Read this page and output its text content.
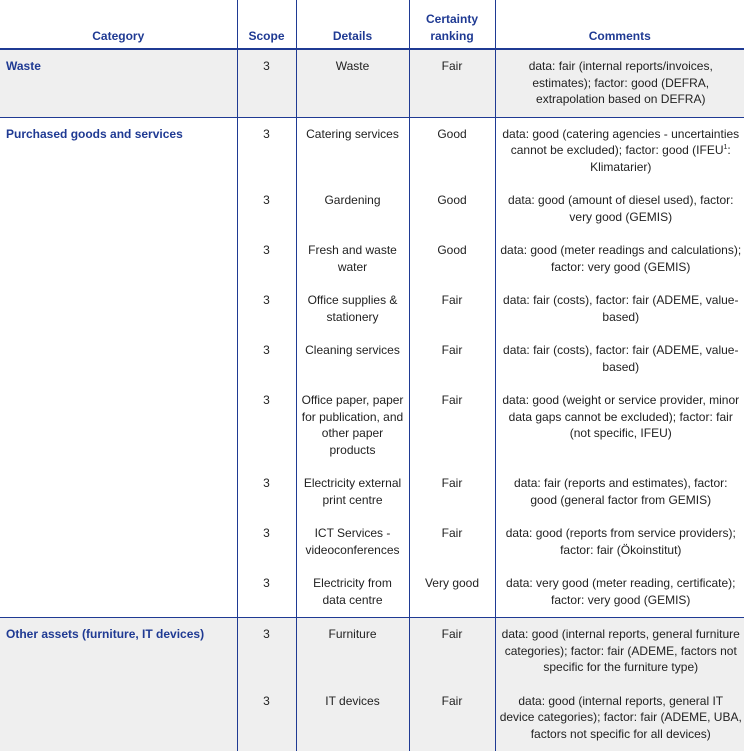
Category	Scope	Details	Certainty ranking	Comments
Waste	3	Waste	Fair	data: fair (internal reports/invoices, estimates); factor: good (DEFRA, extrapolation based on DEFRA)
Purchased goods and services	3	Catering services	Good	data: good (catering agencies - uncertainties cannot be excluded); factor: good (IFEU$^1$: Klimatarier)
	3	Gardening	Good	data: good (amount of diesel used), factor: very good (GEMIS)
	3	Fresh and waste water	Good	data: good (meter readings and calculations); factor: very good (GEMIS)
	3	Office supplies & stationery	Fair	data: fair (costs), factor: fair (ADEME, value-based)
	3	Cleaning services	Fair	data: fair (costs), factor: fair (ADEME, value-based)
	3	Office paper, paper for publication, and other paper products	Fair	data: good (weight or service provider, minor data gaps cannot be excluded); factor: fair (not specific, IFEU)
	3	Electricity external print centre	Fair	data: fair (reports and estimates), factor: good (general factor from GEMIS)
	3	ICT Services - videoconferences	Fair	data: good (reports from service providers); factor: fair (Ökoinstitut)
	3	Electricity from data centre	Very good	data: very good (meter reading, certificate); factor: very good (GEMIS)
Other assets (furniture, IT devices)	3	Furniture	Fair	data: good (internal reports, general furniture categories); factor: fair (ADEME, factors not specific for the furniture type)
	3	IT devices	Fair	data: good (internal reports, general IT device categories); factor: fair (ADEME, UBA, factors not specific for all devices)
